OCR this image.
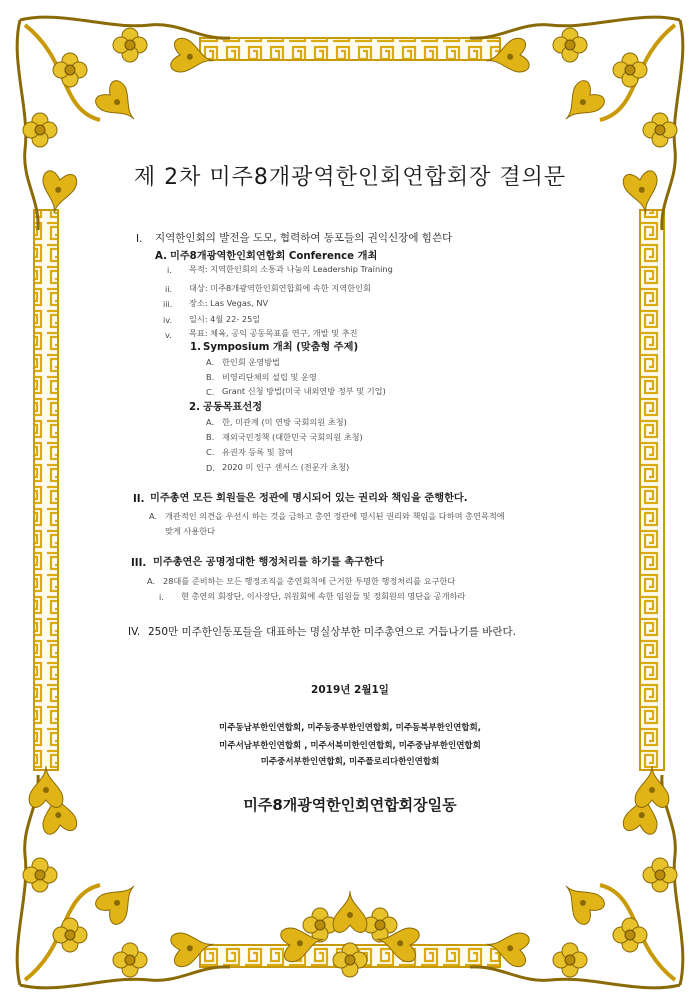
제 2차 미주8개광역한인회연합회장 결의문
I. 지역한인회의 발전을 도모, 협력하여 동포들의 권익신장에 힘쓴다
A. 미주8개광역한인회연합회 Conference 개최
i. 목적: 지역한인회의 소통과 나눔의 Leadership Training
ii. 대상: 미주8개광역한인회연합회에 속한 지역한인회
iii. 장소: Las Vegas, NV
iv. 일시: 4월 22- 25일
v. 목표: 체육, 공익 공동목표를 연구, 개발 및 추진
1. Symposium 개최 (맞춤형 주제)
A. 한인회 운영방법
B. 비영리단체의 설립 및 운영
C. Grant 신청 방법(미국 내외연방 정부 및 기업)
2. 공동목표선정
A. 한, 미관계 (미 연방 국회의원 초청)
B. 재외국민정책 (대한민국 국회의원 초청)
C. 유권자 등록 및 참여
D. 2020 미 인구 센서스 (전문가 초청)
II. 미주총연 모든 회원들은 정관에 명시되어 있는 권리와 책임을 준행한다.
A. 개관적인 의견을 우선시 하는 것을 금하고 총연 정관에 명시된 권리와 책임을 다하며 총연목적에
맞게 사용한다
III. 미주총연은 공명정대한 행정처리를 하기를 촉구한다
A. 28대를 준비하는 모든 행정조직을 총연회칙에 근거한 투명한 행정처리를 요구한다
i. 현 총연의 회장단, 이사장단, 위원회에 속한 임원들 및 정회원의 명단을 공개하라
IV. 250만 미주한인동포들을 대표하는 명실상부한 미주총연으로 거듭나기를 바란다.
2019년 2월1일
미주동남부한인연합회, 미주동중부한인연합회, 미주동북부한인연합회,
미주서남부한인연합회 , 미주서북미한인연합회, 미주중남부한인연합회
미주중서부한인연합회, 미주플로리다한인연합회
미주8개광역한인회연합회장일동
